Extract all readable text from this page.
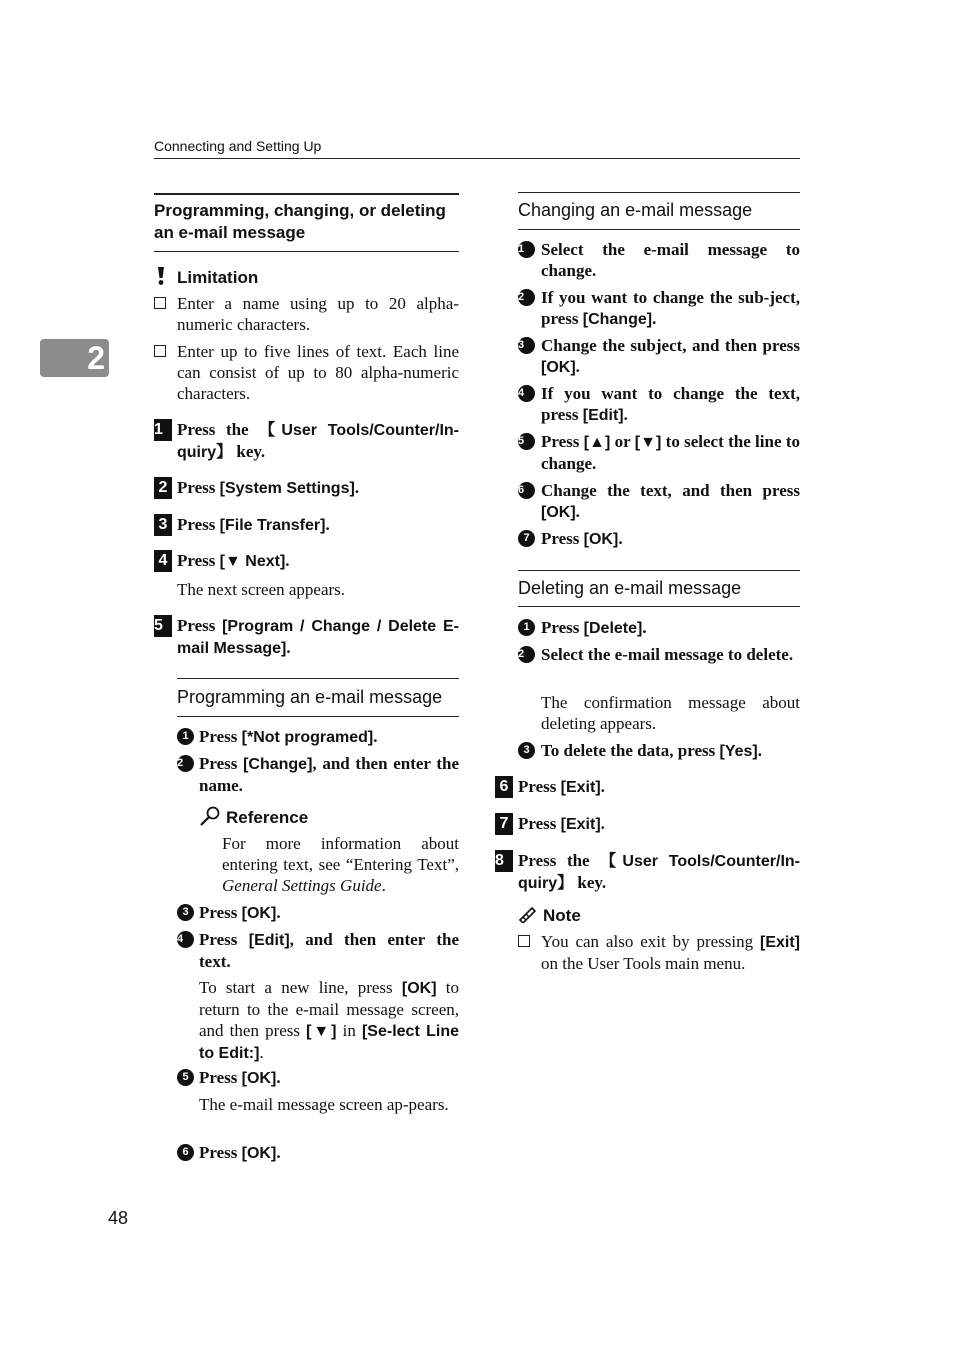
Connecting and Setting Up
2
Programming, changing, or deleting an e-mail message
Limitation
Enter a name using up to 20 alpha-numeric characters.
Enter up to five lines of text. Each line can consist of up to 80 alpha-numeric characters.
1 Press the 【User Tools/Counter/In-quiry】 key.
2 Press [System Settings].
3 Press [File Transfer].
4 Press [▼ Next].
The next screen appears.
5 Press [Program / Change / Delete E-mail Message].
Programming an e-mail message
1 Press [*Not programed].
2 Press [Change], and then enter the name.
Reference
For more information about entering text, see “Entering Text”, General Settings Guide.
3 Press [OK].
4 Press [Edit], and then enter the text.
To start a new line, press [OK] to return to the e-mail message screen, and then press [▼] in [Se-lect Line to Edit:].
5 Press [OK].
The e-mail message screen ap-pears.
6 Press [OK].
Changing an e-mail message
1 Select the e-mail message to change.
2 If you want to change the sub-ject, press [Change].
3 Change the subject, and then press [OK].
4 If you want to change the text, press [Edit].
5 Press [▲] or [▼] to select the line to change.
6 Change the text, and then press [OK].
7 Press [OK].
Deleting an e-mail message
1 Press [Delete].
2 Select the e-mail message to delete.
The confirmation message about deleting appears.
3 To delete the data, press [Yes].
6 Press [Exit].
7 Press [Exit].
8 Press the 【User Tools/Counter/In-quiry】 key.
Note
You can also exit by pressing [Exit] on the User Tools main menu.
48
